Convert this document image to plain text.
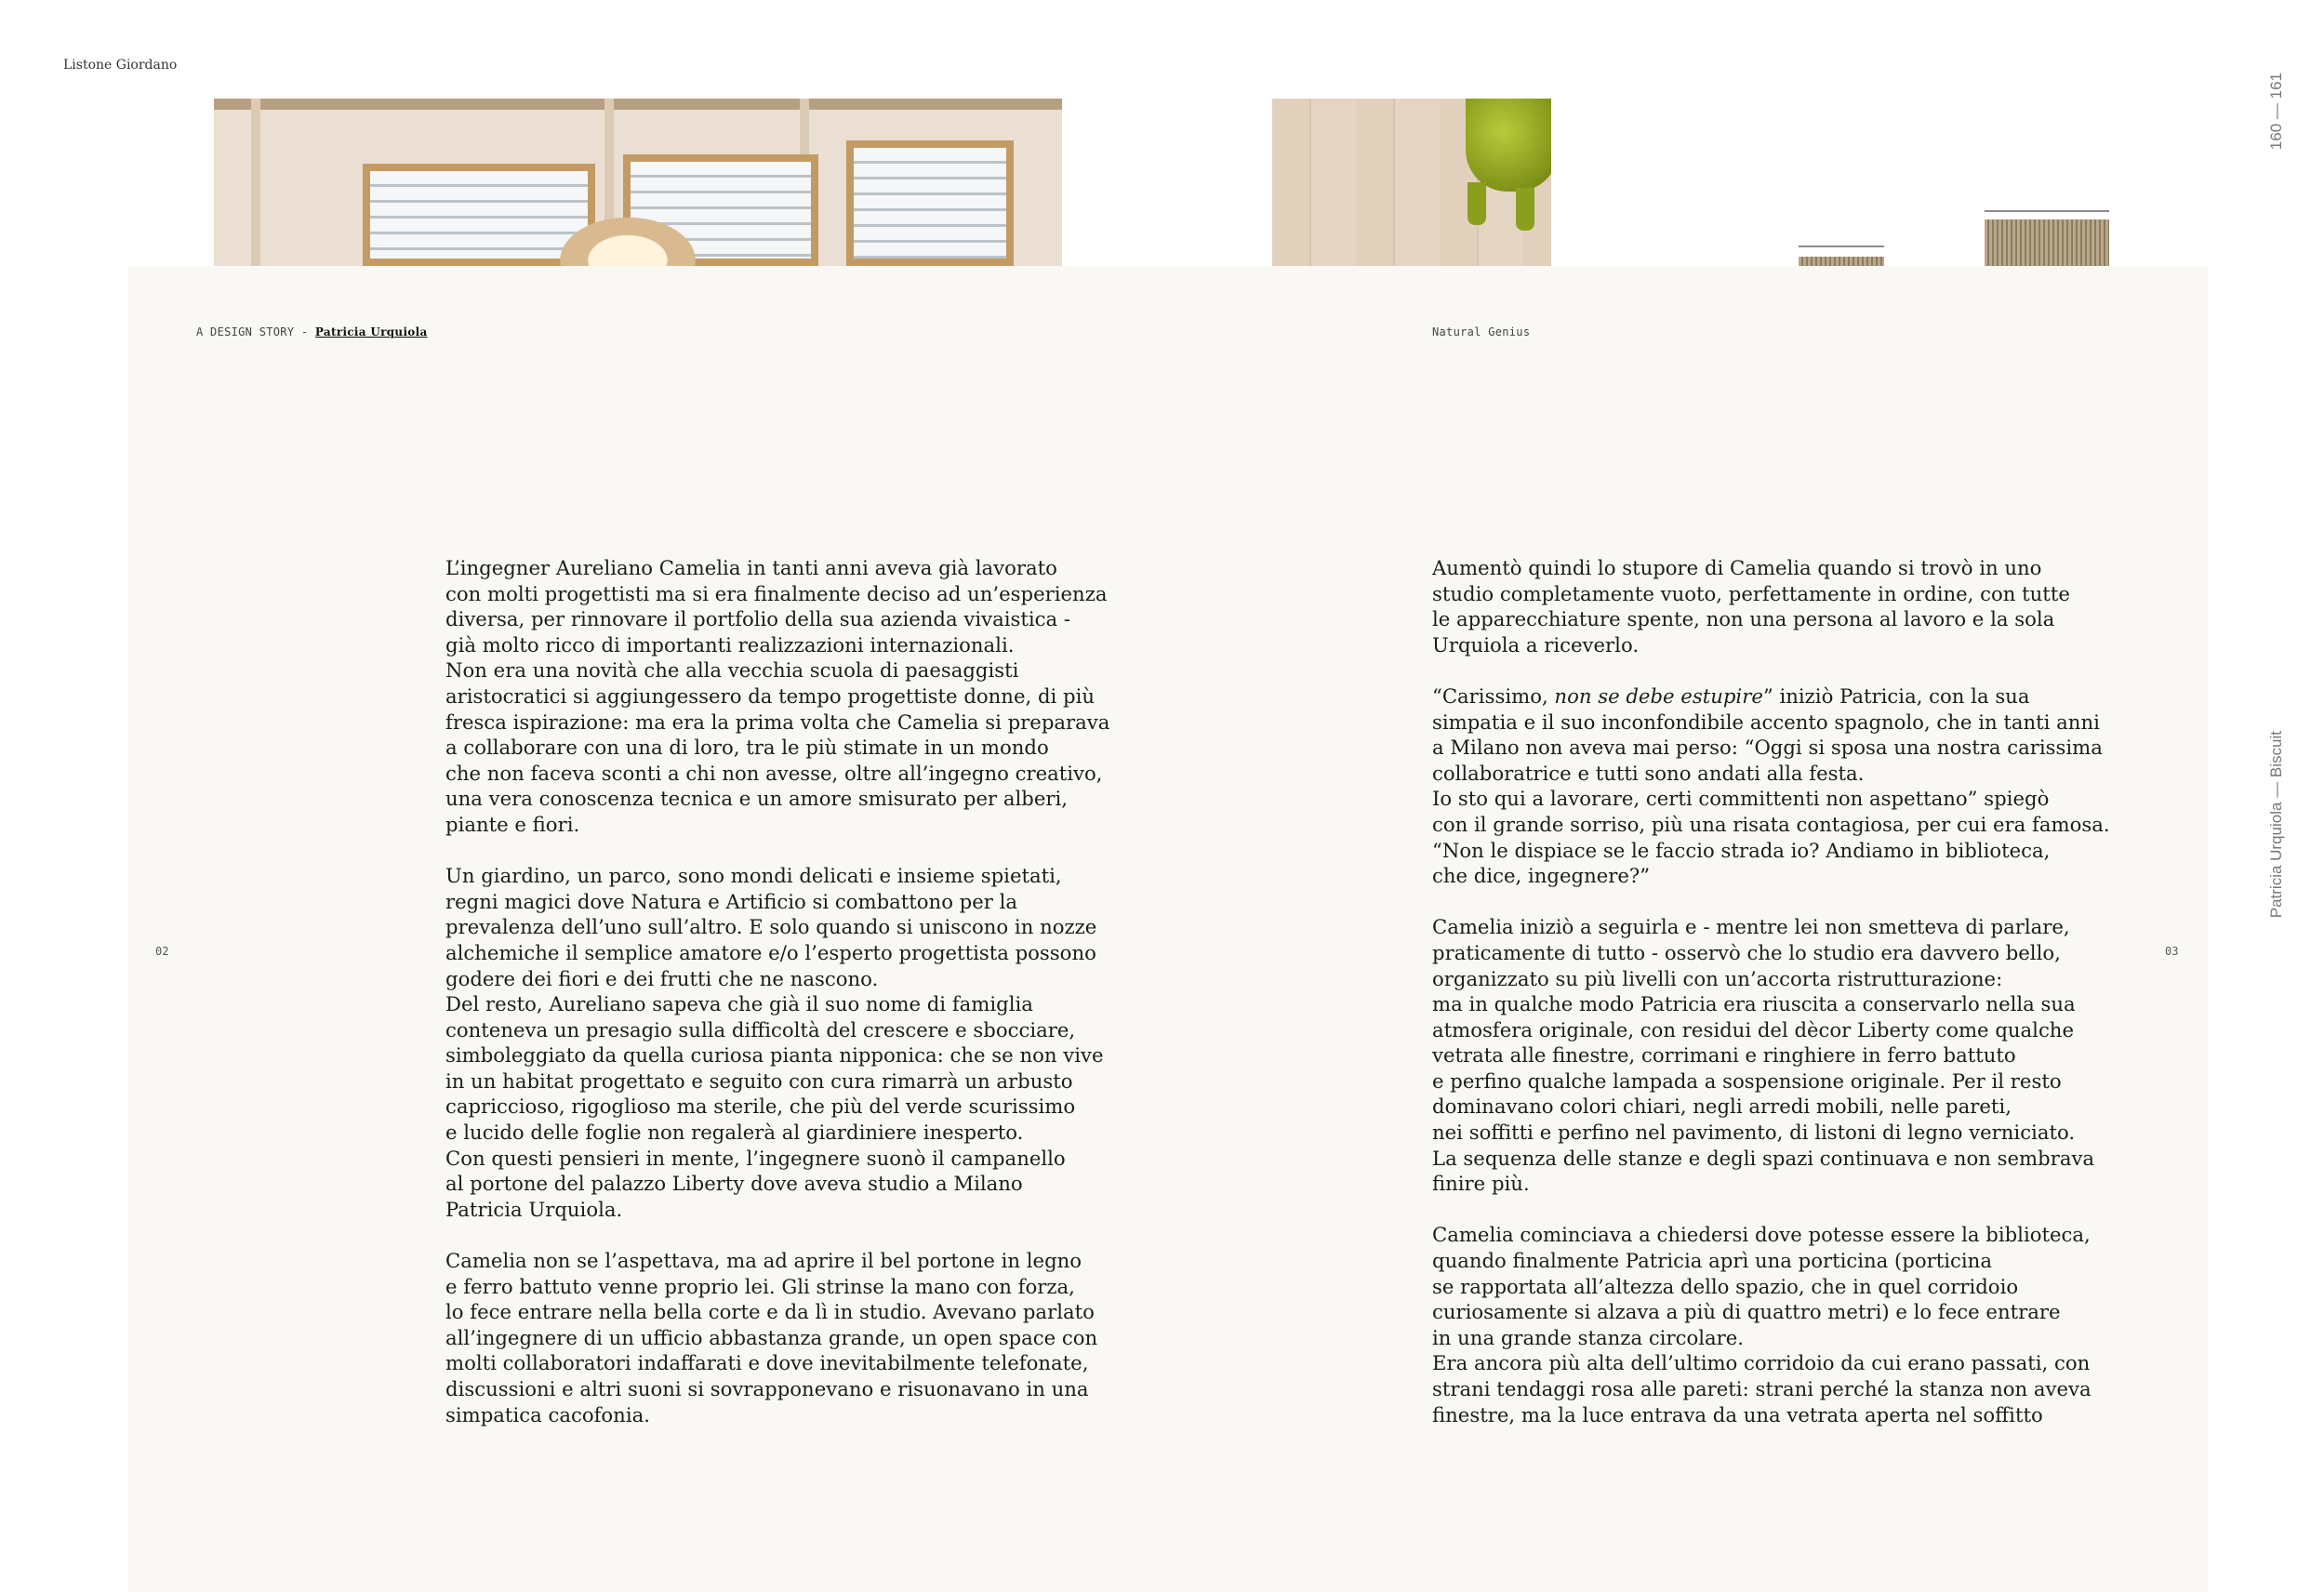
Listone Giordano
160 — 161
Patricia Urquiola — Biscuit
A DESIGN STORY - Patricia Urquiola	Natural Genius
02	03

L’ingegner Aureliano Camelia in tanti anni aveva già lavorato
con molti progettisti ma si era finalmente deciso ad un’esperienza
diversa, per rinnovare il portfolio della sua azienda vivaistica -
già molto ricco di importanti realizzazioni internazionali.
Non era una novità che alla vecchia scuola di paesaggisti
aristocratici si aggiungessero da tempo progettiste donne, di più
fresca ispirazione: ma era la prima volta che Camelia si preparava
a collaborare con una di loro, tra le più stimate in un mondo
che non faceva sconti a chi non avesse, oltre all’ingegno creativo,
una vera conoscenza tecnica e un amore smisurato per alberi,
piante e fiori.

Un giardino, un parco, sono mondi delicati e insieme spietati,
regni magici dove Natura e Artificio si combattono per la
prevalenza dell’uno sull’altro. E solo quando si uniscono in nozze
alchemiche il semplice amatore e/o l’esperto progettista possono
godere dei fiori e dei frutti che ne nascono.
Del resto, Aureliano sapeva che già il suo nome di famiglia
conteneva un presagio sulla difficoltà del crescere e sbocciare,
simboleggiato da quella curiosa pianta nipponica: che se non vive
in un habitat progettato e seguito con cura rimarrà un arbusto
capriccioso, rigoglioso ma sterile, che più del verde scurissimo
e lucido delle foglie non regalerà al giardiniere inesperto.
Con questi pensieri in mente, l’ingegnere suonò il campanello
al portone del palazzo Liberty dove aveva studio a Milano
Patricia Urquiola.

Camelia non se l’aspettava, ma ad aprire il bel portone in legno
e ferro battuto venne proprio lei. Gli strinse la mano con forza,
lo fece entrare nella bella corte e da lì in studio. Avevano parlato
all’ingegnere di un ufficio abbastanza grande, un open space con
molti collaboratori indaffarati e dove inevitabilmente telefonate,
discussioni e altri suoni si sovrapponevano e risuonavano in una
simpatica cacofonia.

Aumentò quindi lo stupore di Camelia quando si trovò in uno
studio completamente vuoto, perfettamente in ordine, con tutte
le apparecchiature spente, non una persona al lavoro e la sola
Urquiola a riceverlo.

“Carissimo, non se debe estupire” iniziò Patricia, con la sua
simpatia e il suo inconfondibile accento spagnolo, che in tanti anni
a Milano non aveva mai perso: “Oggi si sposa una nostra carissima
collaboratrice e tutti sono andati alla festa.
Io sto qui a lavorare, certi committenti non aspettano” spiegò
con il grande sorriso, più una risata contagiosa, per cui era famosa.
“Non le dispiace se le faccio strada io? Andiamo in biblioteca,
che dice, ingegnere?”

Camelia iniziò a seguirla e - mentre lei non smetteva di parlare,
praticamente di tutto - osservò che lo studio era davvero bello,
organizzato su più livelli con un’accorta ristrutturazione:
ma in qualche modo Patricia era riuscita a conservarlo nella sua
atmosfera originale, con residui del dècor Liberty come qualche
vetrata alle finestre, corrimani e ringhiere in ferro battuto
e perfino qualche lampada a sospensione originale. Per il resto
dominavano colori chiari, negli arredi mobili, nelle pareti,
nei soffitti e perfino nel pavimento, di listoni di legno verniciato.
La sequenza delle stanze e degli spazi continuava e non sembrava
finire più.

Camelia cominciava a chiedersi dove potesse essere la biblioteca,
quando finalmente Patricia aprì una porticina (porticina
se rapportata all’altezza dello spazio, che in quel corridoio
curiosamente si alzava a più di quattro metri) e lo fece entrare
in una grande stanza circolare.
Era ancora più alta dell’ultimo corridoio da cui erano passati, con
strani tendaggi rosa alle pareti: strani perché la stanza non aveva
finestre, ma la luce entrava da una vetrata aperta nel soffitto
